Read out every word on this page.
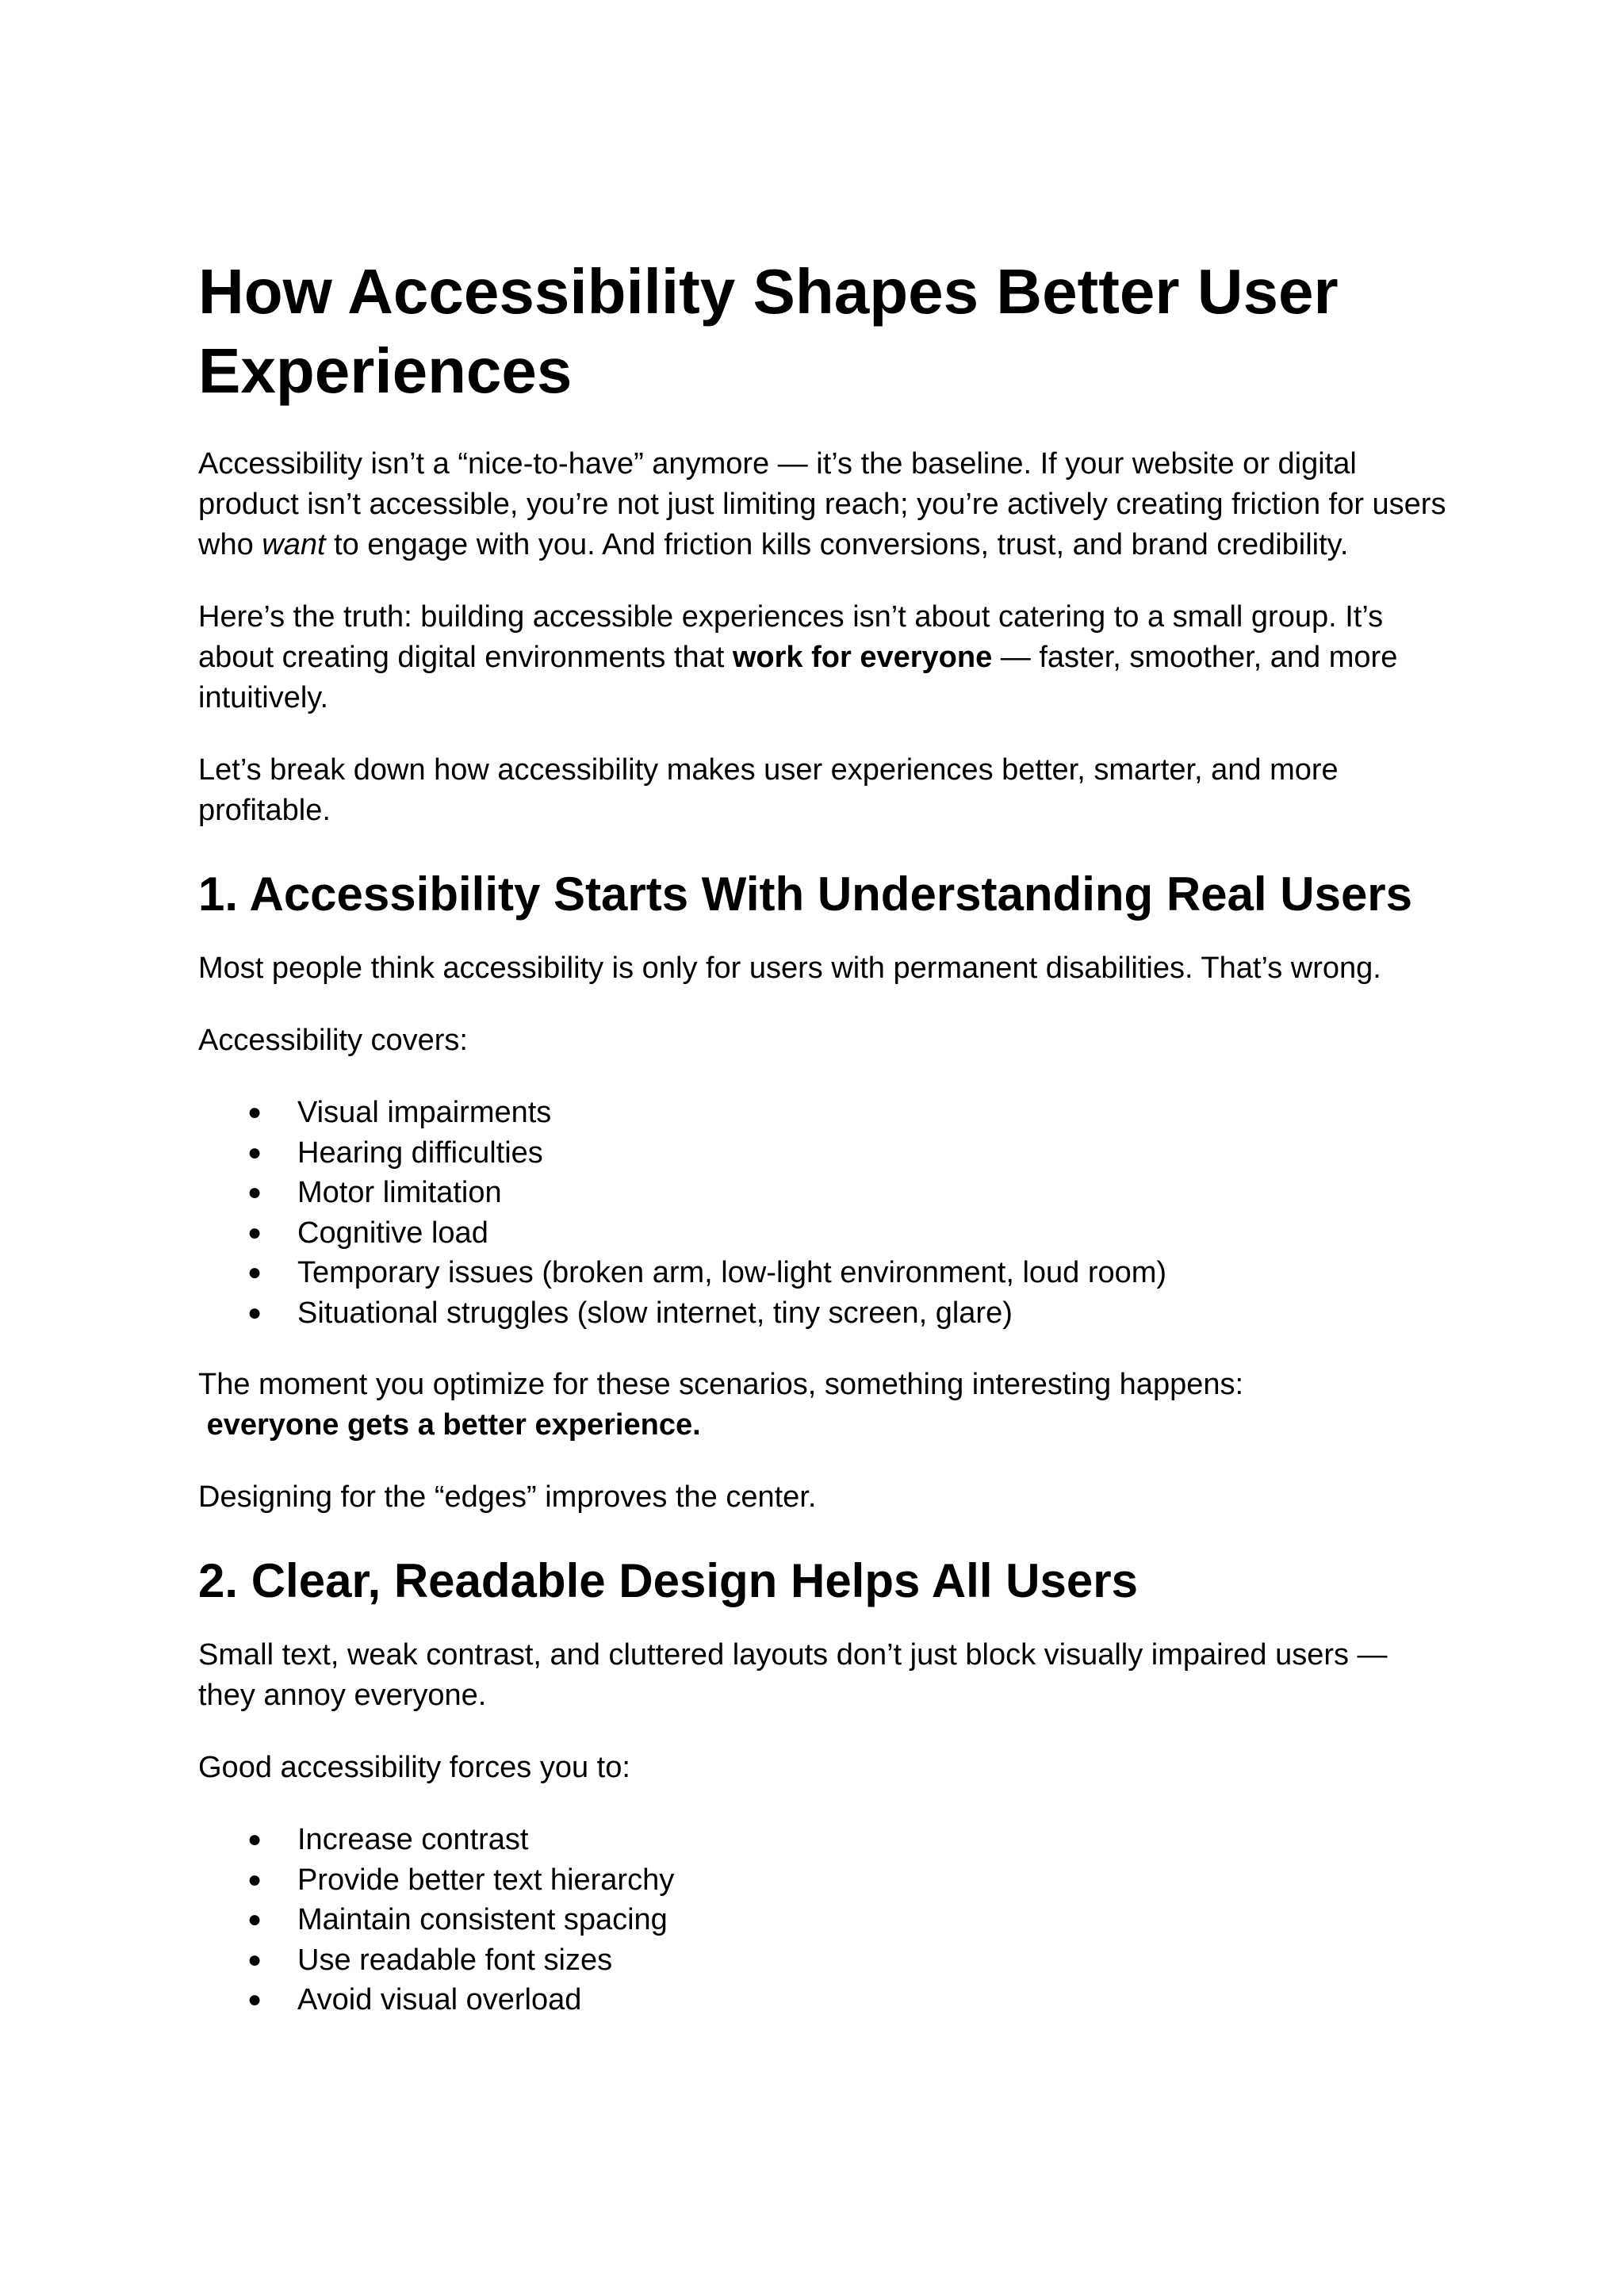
How Accessibility Shapes Better User Experiences

Accessibility isn’t a “nice-to-have” anymore — it’s the baseline. If your website or digital product isn’t accessible, you’re not just limiting reach; you’re actively creating friction for users who want to engage with you. And friction kills conversions, trust, and brand credibility.

Here’s the truth: building accessible experiences isn’t about catering to a small group. It’s about creating digital environments that work for everyone — faster, smoother, and more intuitively.

Let’s break down how accessibility makes user experiences better, smarter, and more profitable.

1. Accessibility Starts With Understanding Real Users

Most people think accessibility is only for users with permanent disabilities. That’s wrong.

Accessibility covers:

● Visual impairments
● Hearing difficulties
● Motor limitation
● Cognitive load
● Temporary issues (broken arm, low-light environment, loud room)
● Situational struggles (slow internet, tiny screen, glare)

The moment you optimize for these scenarios, something interesting happens:
everyone gets a better experience.

Designing for the “edges” improves the center.

2. Clear, Readable Design Helps All Users

Small text, weak contrast, and cluttered layouts don’t just block visually impaired users — they annoy everyone.

Good accessibility forces you to:

● Increase contrast
● Provide better text hierarchy
● Maintain consistent spacing
● Use readable font sizes
● Avoid visual overload
